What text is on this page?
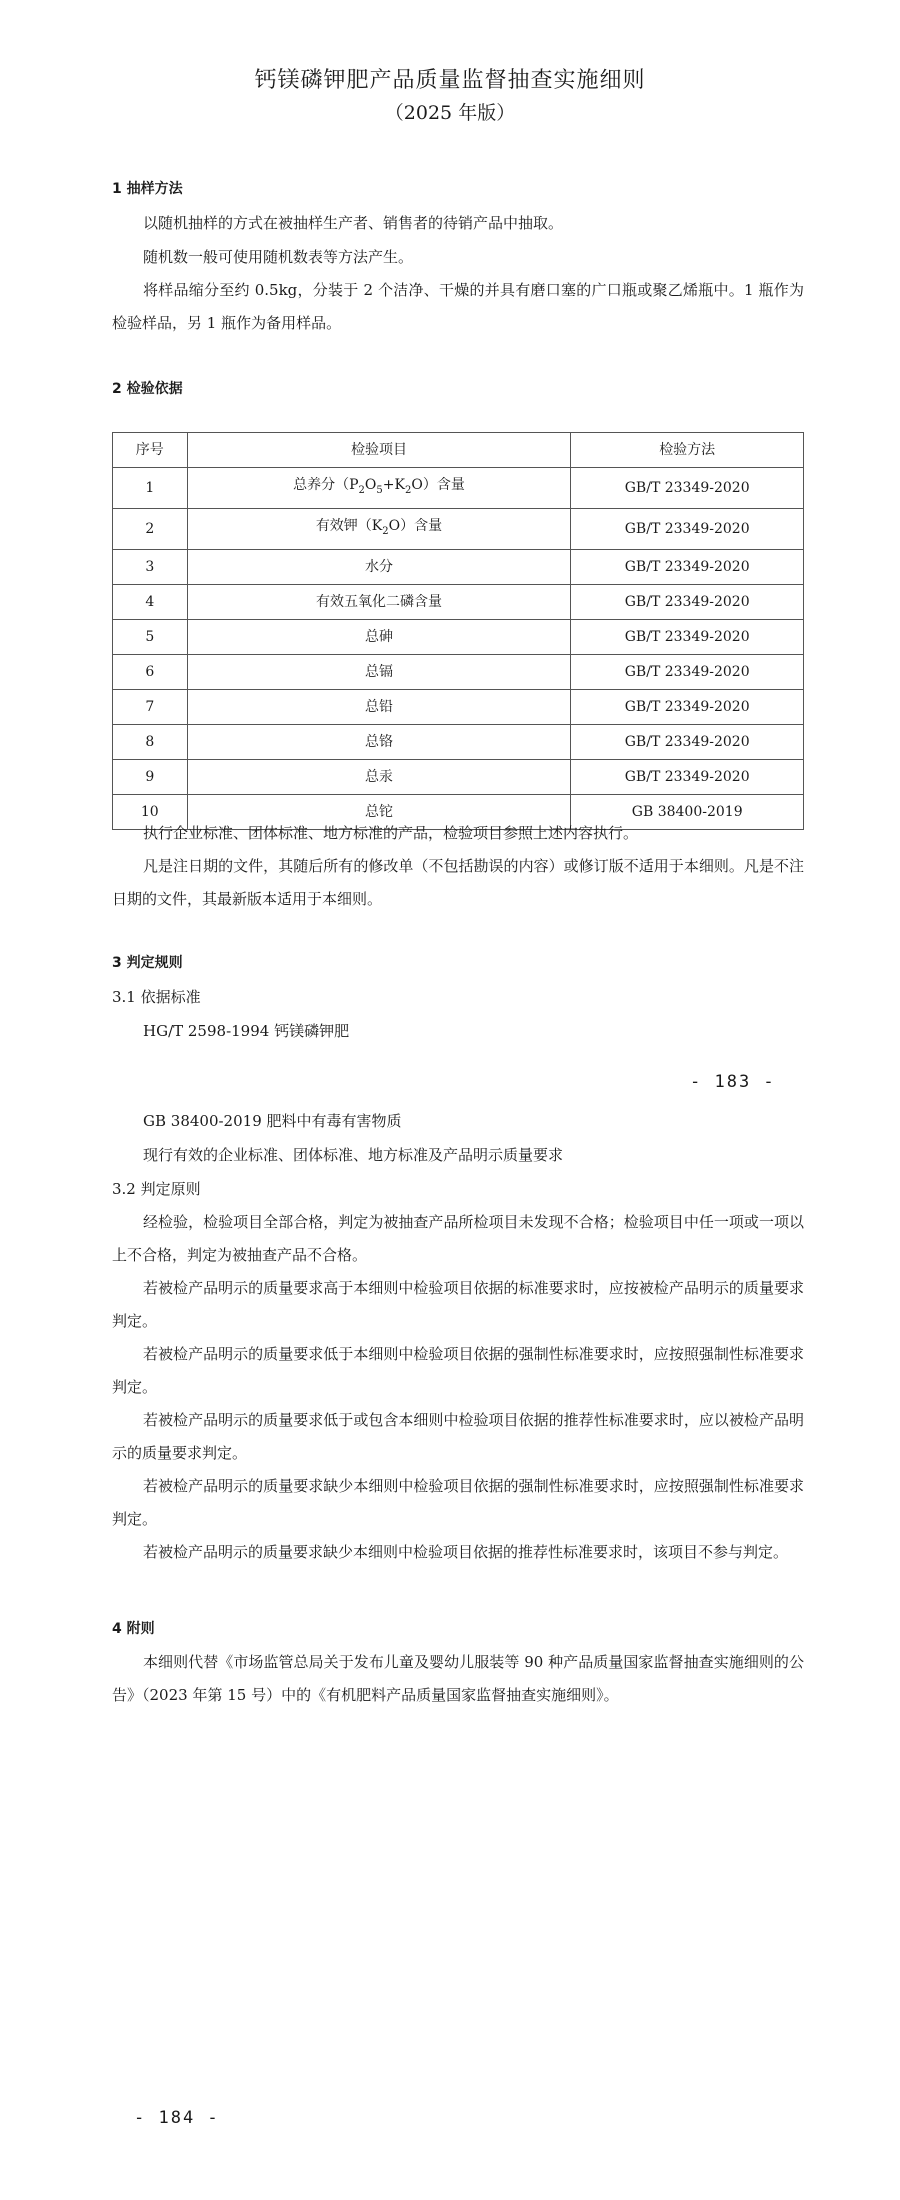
钙镁磷钾肥产品质量监督抽查实施细则
（2025 年版）
1 抽样方法
以随机抽样的方式在被抽样生产者、销售者的待销产品中抽取。
随机数一般可使用随机数表等方法产生。
将样品缩分至约 0.5kg，分装于 2 个洁净、干燥的并具有磨口塞的广口瓶或聚乙烯瓶中。1 瓶作为检验样品，另 1 瓶作为备用样品。
2 检验依据
序号	检验项目	检验方法
1	总养分$(P_2O_5+K_2O)$含量	GB/T 23349-2020
2	有效钾$(K_2O)$含量	GB/T 23349-2020
3	水分	GB/T 23349-2020
4	有效五氧化二磷含量	GB/T 23349-2020
5	总砷	GB/T 23349-2020
6	总镉	GB/T 23349-2020
7	总铅	GB/T 23349-2020
8	总铬	GB/T 23349-2020
9	总汞	GB/T 23349-2020
10	总铊	GB 38400-2019
执行企业标准、团体标准、地方标准的产品，检验项目参照上述内容执行。
凡是注日期的文件，其随后所有的修改单（不包括勘误的内容）或修订版不适用于本细则。凡是不注日期的文件，其最新版本适用于本细则。
3 判定规则
3.1 依据标准
HG/T 2598-1994 钙镁磷钾肥
- 183 -
GB 38400-2019 肥料中有毒有害物质
现行有效的企业标准、团体标准、地方标准及产品明示质量要求
3.2 判定原则
经检验，检验项目全部合格，判定为被抽查产品所检项目未发现不合格；检验项目中任一项或一项以上不合格，判定为被抽查产品不合格。
若被检产品明示的质量要求高于本细则中检验项目依据的标准要求时，应按被检产品明示的质量要求判定。
若被检产品明示的质量要求低于本细则中检验项目依据的强制性标准要求时，应按照强制性标准要求判定。
若被检产品明示的质量要求低于或包含本细则中检验项目依据的推荐性标准要求时，应以被检产品明示的质量要求判定。
若被检产品明示的质量要求缺少本细则中检验项目依据的强制性标准要求时，应按照强制性标准要求判定。
若被检产品明示的质量要求缺少本细则中检验项目依据的推荐性标准要求时，该项目不参与判定。
4 附则
本细则代替《市场监管总局关于发布儿童及婴幼儿服装等 90 种产品质量国家监督抽查实施细则的公告》（2023 年第 15 号）中的《有机肥料产品质量国家监督抽查实施细则》。
- 184 -
